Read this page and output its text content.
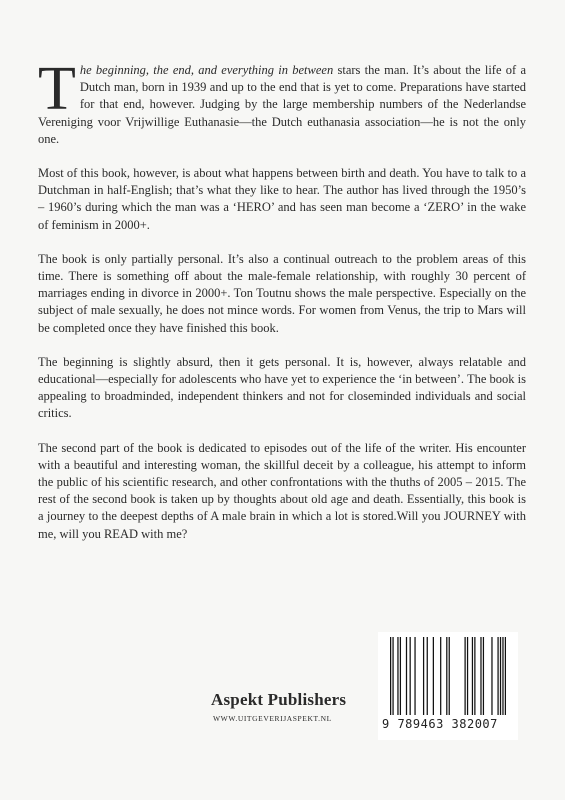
The beginning, the end, and everything in between stars the man. It’s about the life of a Dutch man, born in 1939 and up to the end that is yet to come. Preparations have started for that end, however. Judging by the large membership numbers of the Nederlandse Vereniging voor Vrijwillige Euthanasie—the Dutch euthanasia association—he is not the only one.

Most of this book, however, is about what happens between birth and death. You have to talk to a Dutchman in half-English; that’s what they like to hear. The author has lived through the 1950’s – 1960’s during which the man was a ‘HERO’ and has seen man become a ‘ZERO’ in the wake of feminism in 2000+.

The book is only partially personal. It’s also a continual outreach to the problem areas of this time. There is something off about the male-female relationship, with roughly 30 percent of marriages ending in divorce in 2000+. Ton Toutnu shows the male perspective. Especially on the subject of male sexually, he does not mince words. For women from Venus, the trip to Mars will be completed once they have finished this book.

The beginning is slightly absurd, then it gets personal. It is, however, always relatable and educational—especially for adolescents who have yet to experience the ‘in between’. The book is appealing to broadminded, independent thinkers and not for closeminded individuals and social critics.

The second part of the book is dedicated to episodes out of the life of the writer. His encounter with a beautiful and interesting woman, the skillful deceit by a colleague, his attempt to inform the public of his scientific research, and other confrontations with the thuths of 2005 – 2015. The rest of the second book is taken up by thoughts about old age and death. Essentially, this book is a journey to the deepest depths of A male brain in which a lot is stored.Will you JOURNEY with me, will you READ with me?

Aspekt Publishers
WWW.UITGEVERIJASPEKT.NL	9 789463 382007
